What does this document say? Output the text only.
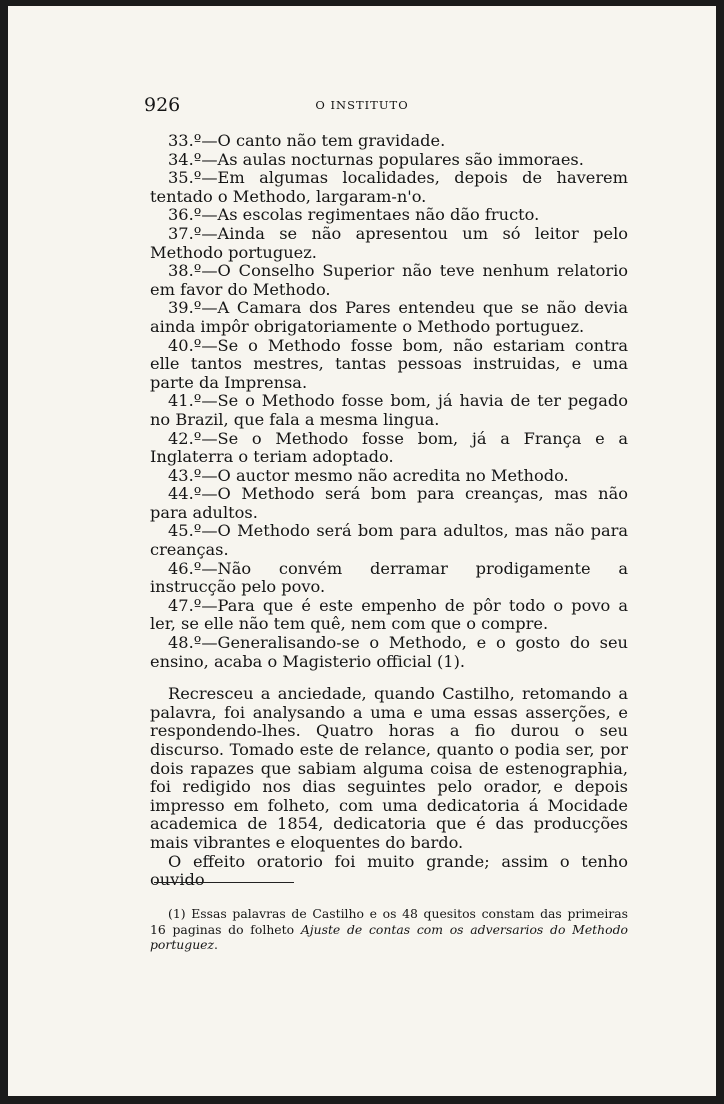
926	O INSTITUTO

33.º—O canto não tem gravidade.

34.º—As aulas nocturnas populares são immoraes.

35.º—Em algumas localidades, depois de haverem tentado o Methodo, largaram-n'o.

36.º—As escolas regimentaes não dão fructo.

37.º—Ainda se não apresentou um só leitor pelo Methodo portuguez.

38.º—O Conselho Superior não teve nenhum relatorio em favor do Methodo.

39.º—A Camara dos Pares entendeu que se não devia ainda impôr obrigatoriamente o Methodo portuguez.

40.º—Se o Methodo fosse bom, não estariam contra elle tantos mestres, tantas pessoas instruidas, e uma parte da Imprensa.

41.º—Se o Methodo fosse bom, já havia de ter pegado no Brazil, que fala a mesma lingua.

42.º—Se o Methodo fosse bom, já a França e a Inglaterra o teriam adoptado.

43.º—O auctor mesmo não acredita no Methodo.

44.º—O Methodo será bom para creanças, mas não para adultos.

45.º—O Methodo será bom para adultos, mas não para creanças.

46.º—Não convém derramar prodigamente a instrucção pelo povo.

47.º—Para que é este empenho de pôr todo o povo a ler, se elle não tem quê, nem com que o compre.

48.º—Generalisando-se o Methodo, e o gosto do seu ensino, acaba o Magisterio official (1).

Recresceu a anciedade, quando Castilho, retomando a palavra, foi analysando a uma e uma essas asserções, e respondendo-lhes. Quatro horas a fio durou o seu discurso. Tomado este de relance, quanto o podia ser, por dois rapazes que sabiam alguma coisa de estenographia, foi redigido nos dias seguintes pelo orador, e depois impresso em folheto, com uma dedicatoria á Mocidade academica de 1854, dedicatoria que é das producções mais vibrantes e eloquentes do bardo.

O effeito oratorio foi muito grande; assim o tenho ouvido

(1) Essas palavras de Castilho e os 48 quesitos constam das primeiras 16 paginas do folheto Ajuste de contas com os adversarios do Methodo portuguez.
